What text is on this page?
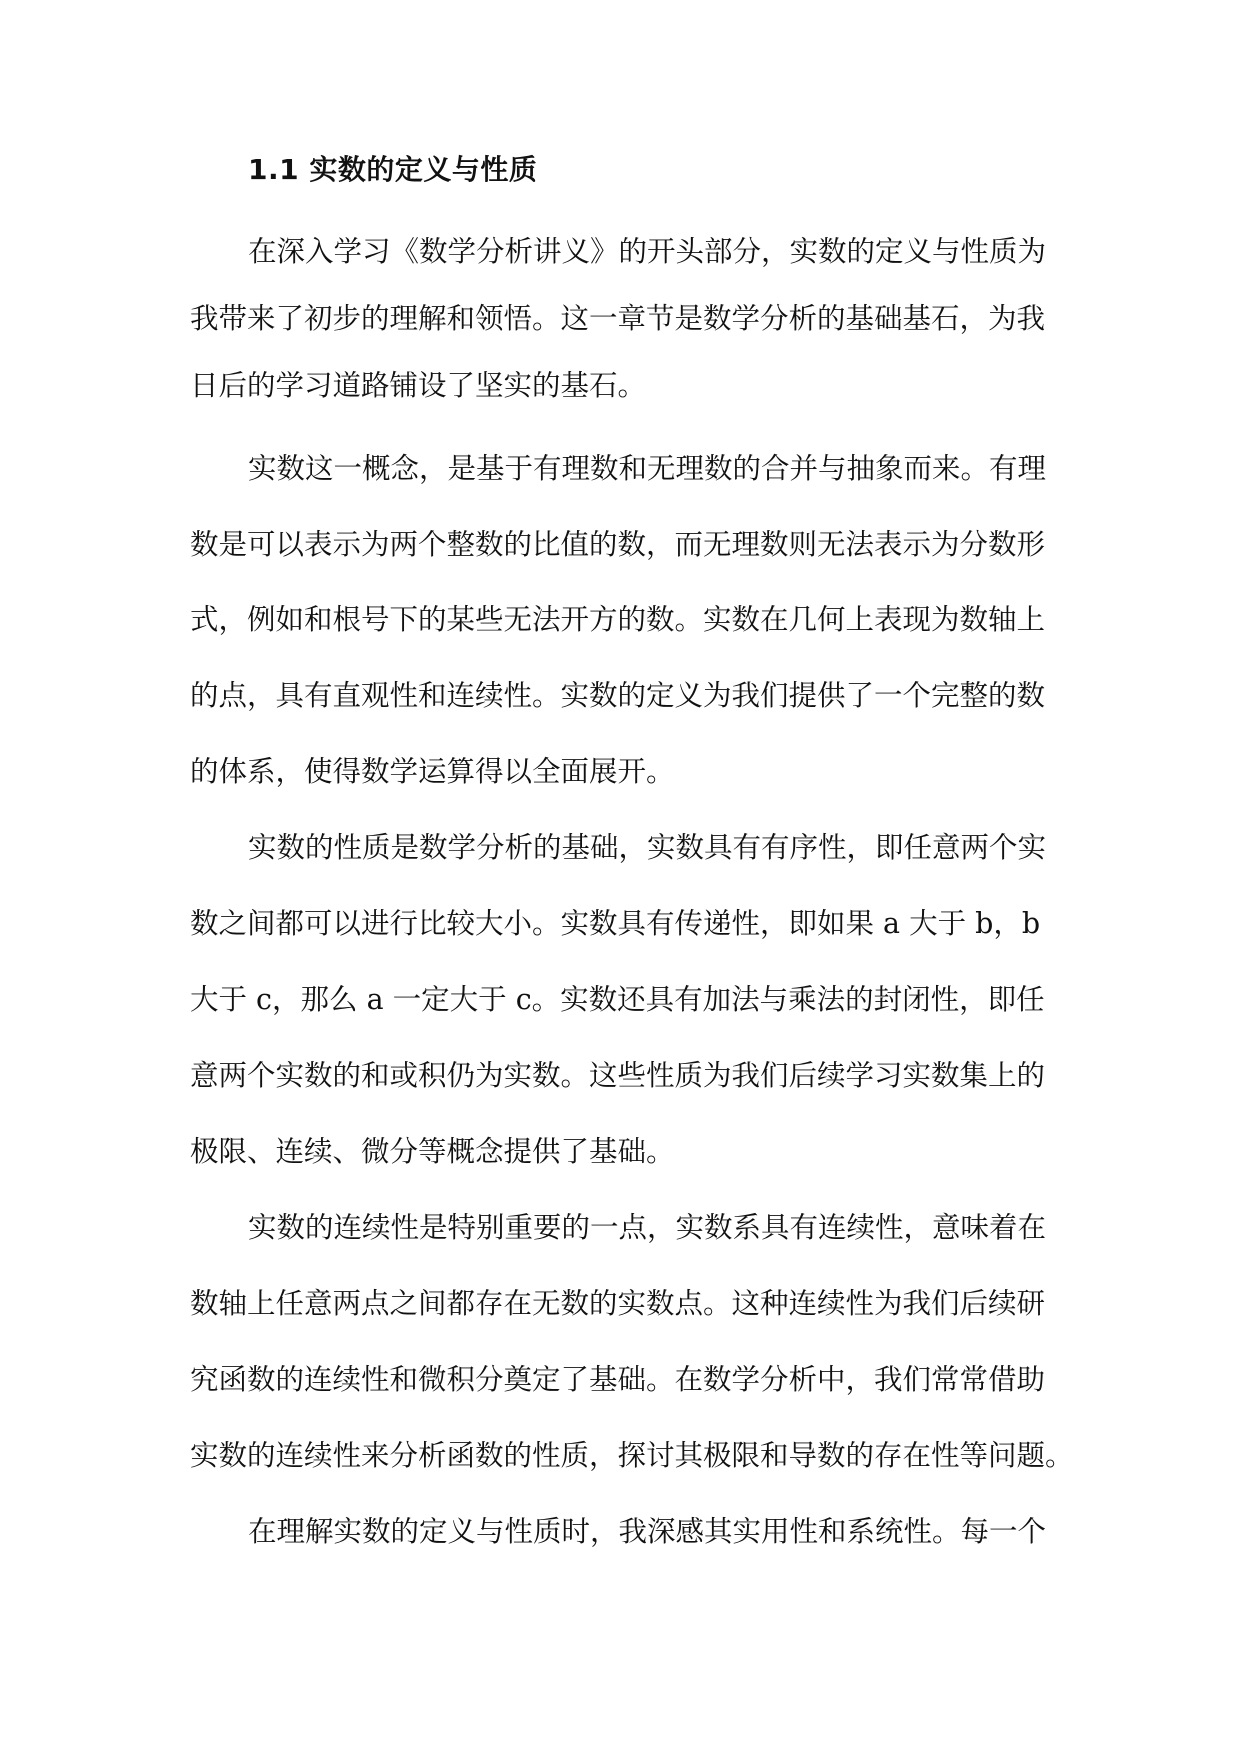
1.1 实数的定义与性质
在深入学习《数学分析讲义》的开头部分，实数的定义与性质为
我带来了初步的理解和领悟。这一章节是数学分析的基础基石，为我
日后的学习道路铺设了坚实的基石。
实数这一概念，是基于有理数和无理数的合并与抽象而来。有理
数是可以表示为两个整数的比值的数，而无理数则无法表示为分数形
式，例如和根号下的某些无法开方的数。实数在几何上表现为数轴上
的点，具有直观性和连续性。实数的定义为我们提供了一个完整的数
的体系，使得数学运算得以全面展开。
实数的性质是数学分析的基础，实数具有有序性，即任意两个实
数之间都可以进行比较大小。实数具有传递性，即如果 a 大于 b，b
大于 c，那么 a 一定大于 c。实数还具有加法与乘法的封闭性，即任
意两个实数的和或积仍为实数。这些性质为我们后续学习实数集上的
极限、连续、微分等概念提供了基础。
实数的连续性是特别重要的一点，实数系具有连续性，意味着在
数轴上任意两点之间都存在无数的实数点。这种连续性为我们后续研
究函数的连续性和微积分奠定了基础。在数学分析中，我们常常借助
实数的连续性来分析函数的性质，探讨其极限和导数的存在性等问题。
在理解实数的定义与性质时，我深感其实用性和系统性。每一个
